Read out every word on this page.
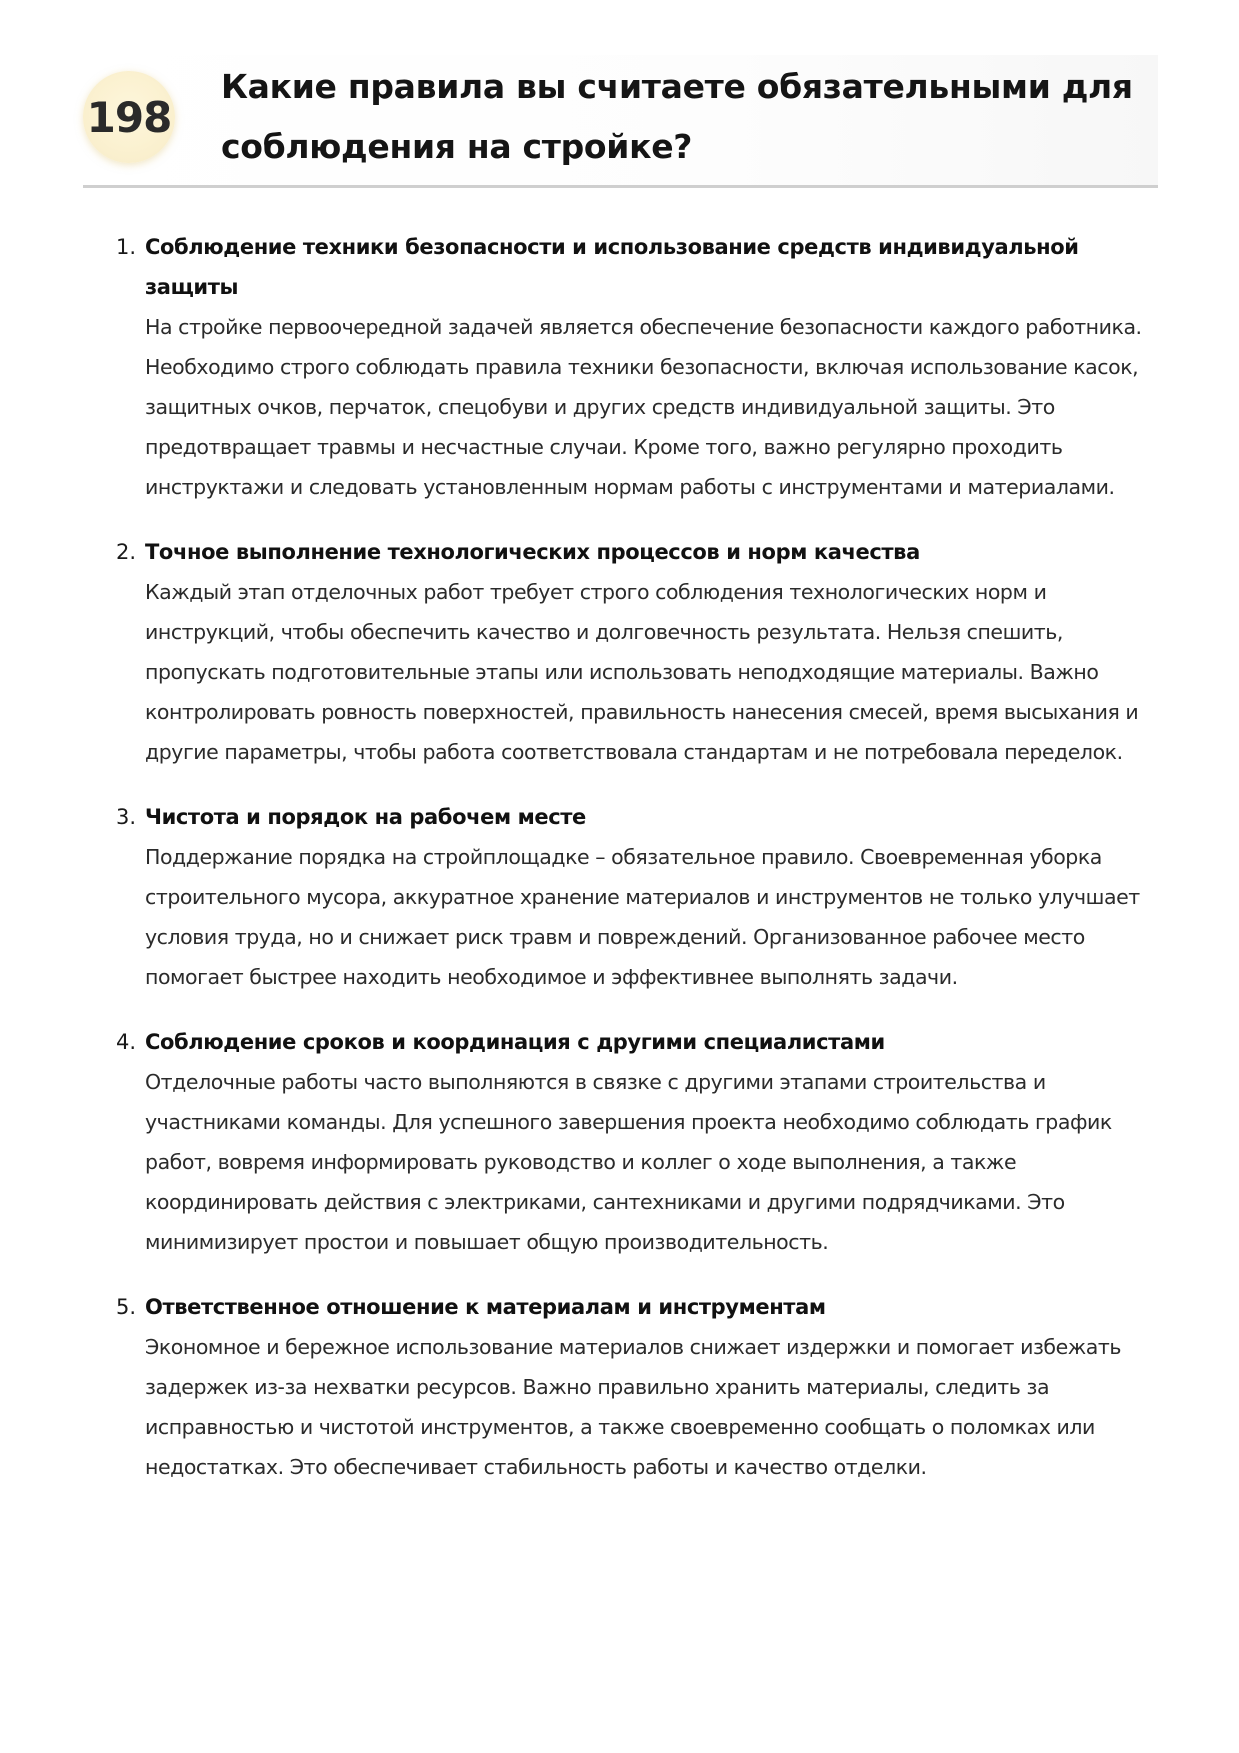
198
Какие правила вы считаете обязательными для соблюдения на стройке?
1. Соблюдение техники безопасности и использование средств индивидуальной защиты
На стройке первоочередной задачей является обеспечение безопасности каждого работника. Необходимо строго соблюдать правила техники безопасности, включая использование касок, защитных очков, перчаток, спецобуви и других средств индивидуальной защиты. Это предотвращает травмы и несчастные случаи. Кроме того, важно регулярно проходить инструктажи и следовать установленным нормам работы с инструментами и материалами.
2. Точное выполнение технологических процессов и норм качества
Каждый этап отделочных работ требует строго соблюдения технологических норм и инструкций, чтобы обеспечить качество и долговечность результата. Нельзя спешить, пропускать подготовительные этапы или использовать неподходящие материалы. Важно контролировать ровность поверхностей, правильность нанесения смесей, время высыхания и другие параметры, чтобы работа соответствовала стандартам и не потребовала переделок.
3. Чистота и порядок на рабочем месте
Поддержание порядка на стройплощадке – обязательное правило. Своевременная уборка строительного мусора, аккуратное хранение материалов и инструментов не только улучшает условия труда, но и снижает риск травм и повреждений. Организованное рабочее место помогает быстрее находить необходимое и эффективнее выполнять задачи.
4. Соблюдение сроков и координация с другими специалистами
Отделочные работы часто выполняются в связке с другими этапами строительства и участниками команды. Для успешного завершения проекта необходимо соблюдать график работ, вовремя информировать руководство и коллег о ходе выполнения, а также координировать действия с электриками, сантехниками и другими подрядчиками. Это минимизирует простои и повышает общую производительность.
5. Ответственное отношение к материалам и инструментам
Экономное и бережное использование материалов снижает издержки и помогает избежать задержек из-за нехватки ресурсов. Важно правильно хранить материалы, следить за исправностью и чистотой инструментов, а также своевременно сообщать о поломках или недостатках. Это обеспечивает стабильность работы и качество отделки.
